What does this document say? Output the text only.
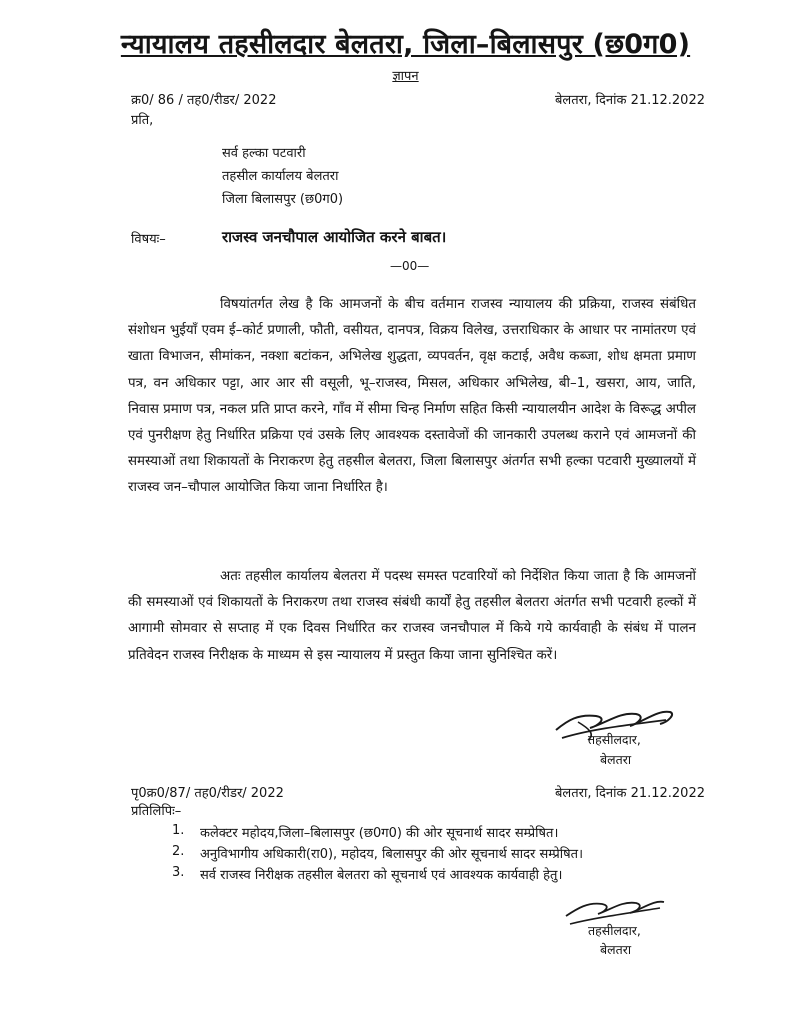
न्यायालय तहसीलदार बेलतरा, जिला–बिलासपुर (छ0ग0)
ज्ञापन
क्र0/ 86 / तह0/रीडर/ 2022	बेलतरा, दिनांक 21.12.2022
प्रति,
सर्व हल्का पटवारी
तहसील कार्यालय बेलतरा
जिला बिलासपुर (छ0ग0)
विषयः–	राजस्व जनचौपाल आयोजित करने बाबत।
—00—
विषयांतर्गत लेख है कि आमजनों के बीच वर्तमान राजस्व न्यायालय की प्रक्रिया, राजस्व संबंधित संशोधन भुईयाँ एवम ई–कोर्ट प्रणाली, फौती, वसीयत, दानपत्र, विक्रय विलेख, उत्तराधिकार के आधार पर नामांतरण एवं खाता विभाजन, सीमांकन, नक्शा बटांकन, अभिलेख शुद्धता, व्यपवर्तन, वृक्ष कटाई, अवैध कब्जा, शोध क्षमता प्रमाण पत्र, वन अधिकार पट्टा, आर आर सी वसूली, भू–राजस्व, मिसल, अधिकार अभिलेख, बी–1, खसरा, आय, जाति, निवास प्रमाण पत्र, नकल प्रति प्राप्त करने, गाँव में सीमा चिन्ह निर्माण सहित किसी न्यायालयीन आदेश के विरूद्ध अपील एवं पुनरीक्षण हेतु निर्धारित प्रक्रिया एवं उसके लिए आवश्यक दस्तावेजों की जानकारी उपलब्ध कराने एवं आमजनों की समस्याओं तथा शिकायतों के निराकरण हेतु तहसील बेलतरा, जिला बिलासपुर अंतर्गत सभी हल्का पटवारी मुख्यालयों में राजस्व जन–चौपाल आयोजित किया जाना निर्धारित है।
अतः तहसील कार्यालय बेलतरा में पदस्थ समस्त पटवारियों को निर्देशित किया जाता है कि आमजनों की समस्याओं एवं शिकायतों के निराकरण तथा राजस्व संबंधी कार्यों हेतु तहसील बेलतरा अंतर्गत सभी पटवारी हल्कों में आगामी सोमवार से सप्ताह में एक दिवस निर्धारित कर राजस्व जनचौपाल में किये गये कार्यवाही के संबंध में पालन प्रतिवेदन राजस्व निरीक्षक के माध्यम से इस न्यायालय में प्रस्तुत किया जाना सुनिश्चित करें।
तहसीलदार,
बेलतरा
पृ0क्र0/87/ तह0/रीडर/ 2022	बेलतरा, दिनांक 21.12.2022
प्रतिलिपिः–
1.	कलेक्टर महोदय,जिला–बिलासपुर (छ0ग0) की ओर सूचनार्थ सादर सम्प्रेषित।
2.	अनुविभागीय अधिकारी(रा0), महोदय, बिलासपुर की ओर सूचनार्थ सादर सम्प्रेषित।
3.	सर्व राजस्व निरीक्षक तहसील बेलतरा को सूचनार्थ एवं आवश्यक कार्यवाही हेतु।
तहसीलदार,
बेलतरा
